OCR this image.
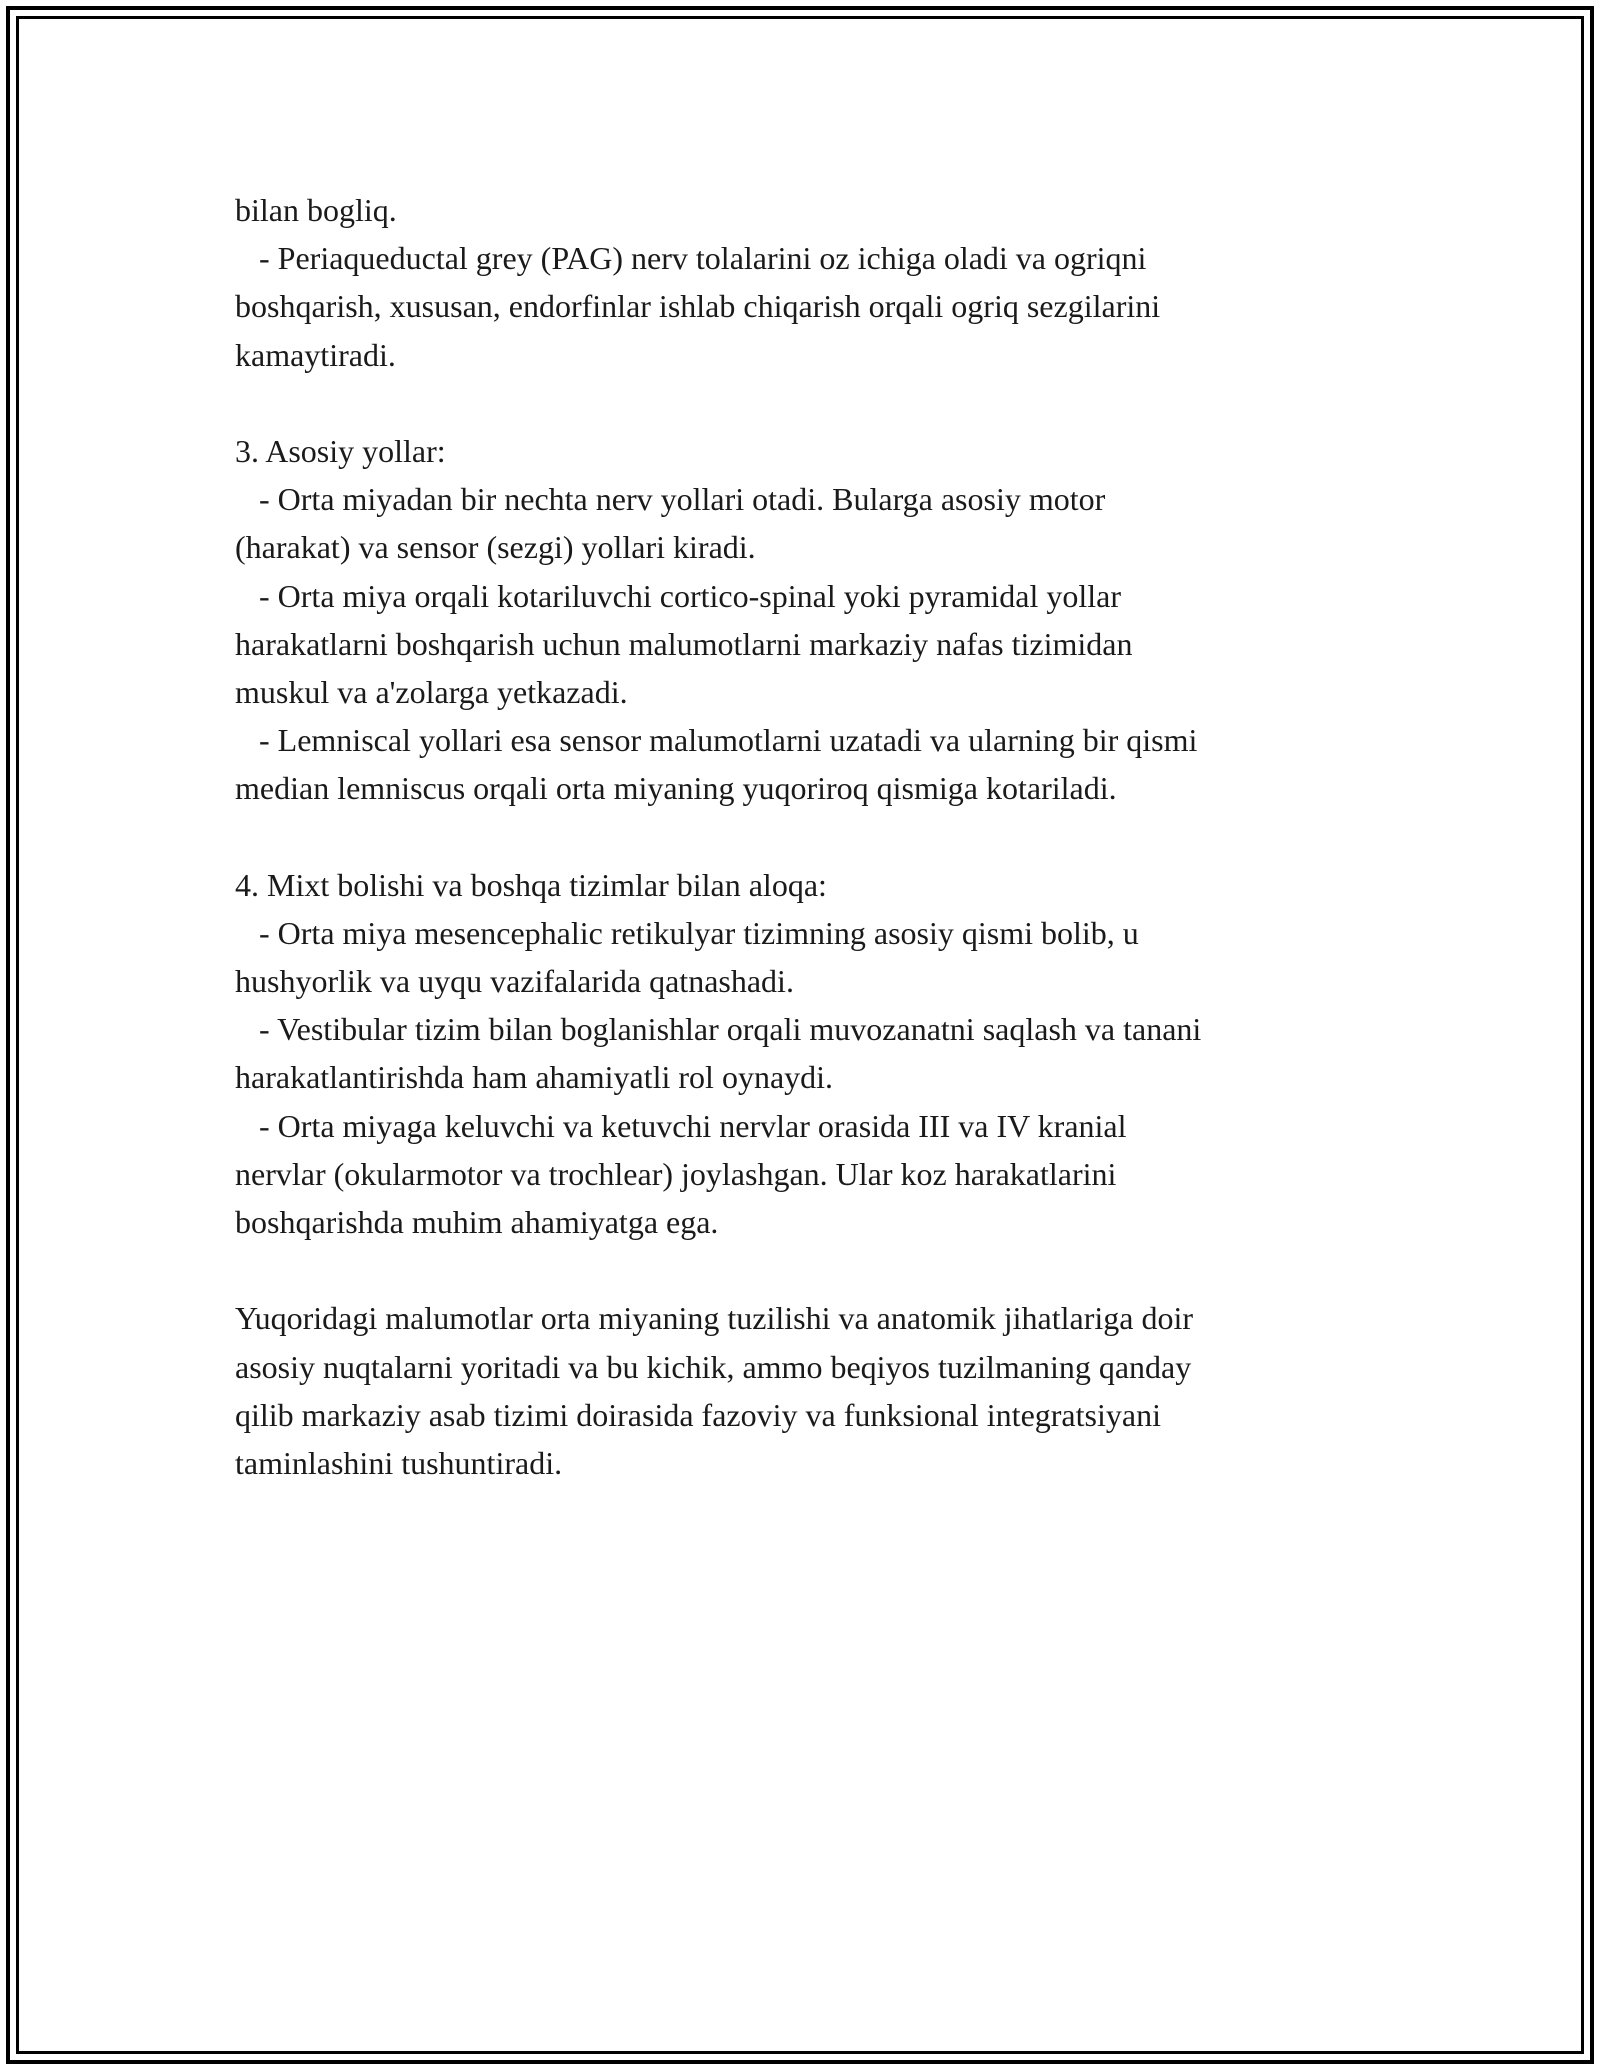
bilan bogliq.
- Periaqueductal grey (PAG) nerv tolalarini oz ichiga oladi va ogriqni
boshqarish, xususan, endorfinlar ishlab chiqarish orqali ogriq sezgilarini
kamaytiradi.
3. Asosiy yollar:
- Orta miyadan bir nechta nerv yollari otadi. Bularga asosiy motor
(harakat) va sensor (sezgi) yollari kiradi.
- Orta miya orqali kotariluvchi cortico-spinal yoki pyramidal yollar
harakatlarni boshqarish uchun malumotlarni markaziy nafas tizimidan
muskul va a'zolarga yetkazadi.
- Lemniscal yollari esa sensor malumotlarni uzatadi va ularning bir qismi
median lemniscus orqali orta miyaning yuqoriroq qismiga kotariladi.
4. Mixt bolishi va boshqa tizimlar bilan aloqa:
- Orta miya mesencephalic retikulyar tizimning asosiy qismi bolib, u
hushyorlik va uyqu vazifalarida qatnashadi.
- Vestibular tizim bilan boglanishlar orqali muvozanatni saqlash va tanani
harakatlantirishda ham ahamiyatli rol oynaydi.
- Orta miyaga keluvchi va ketuvchi nervlar orasida III va IV kranial
nervlar (okularmotor va trochlear) joylashgan. Ular koz harakatlarini
boshqarishda muhim ahamiyatga ega.
Yuqoridagi malumotlar orta miyaning tuzilishi va anatomik jihatlariga doir
asosiy nuqtalarni yoritadi va bu kichik, ammo beqiyos tuzilmaning qanday
qilib markaziy asab tizimi doirasida fazoviy va funksional integratsiyani
taminlashini tushuntiradi.
